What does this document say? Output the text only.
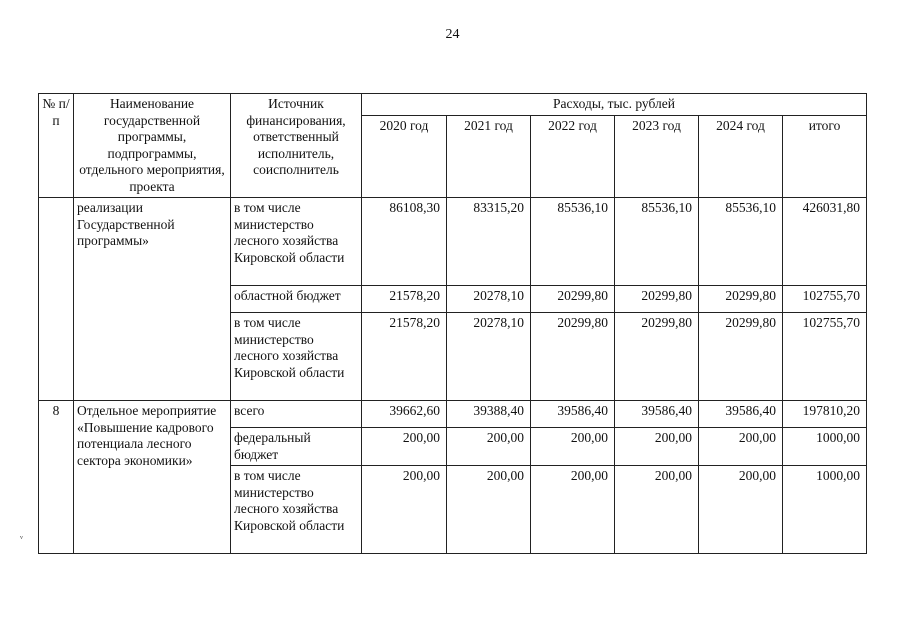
24
№ п/п	Наименование государственной программы, подпрограммы, отдельного мероприятия, проекта	Источник финансирования, ответственный исполнитель, соисполнитель	Расходы, тыс. рублей					
			2020 год	2021 год	2022 год	2023 год	2024 год	итого
	реализации Государственной программы»	в том числе министерство лесного хозяйства Кировской области	86108,30	83315,20	85536,10	85536,10	85536,10	426031,80
		областной бюджет	21578,20	20278,10	20299,80	20299,80	20299,80	102755,70
		в том числе министерство лесного хозяйства Кировской области	21578,20	20278,10	20299,80	20299,80	20299,80	102755,70
8	Отдельное мероприятие «Повышение кадрового потенциала лесного сектора экономики»	всего	39662,60	39388,40	39586,40	39586,40	39586,40	197810,20
		федеральный бюджет	200,00	200,00	200,00	200,00	200,00	1000,00
		в том числе министерство лесного хозяйства Кировской области	200,00	200,00	200,00	200,00	200,00	1000,00
ᵥ
